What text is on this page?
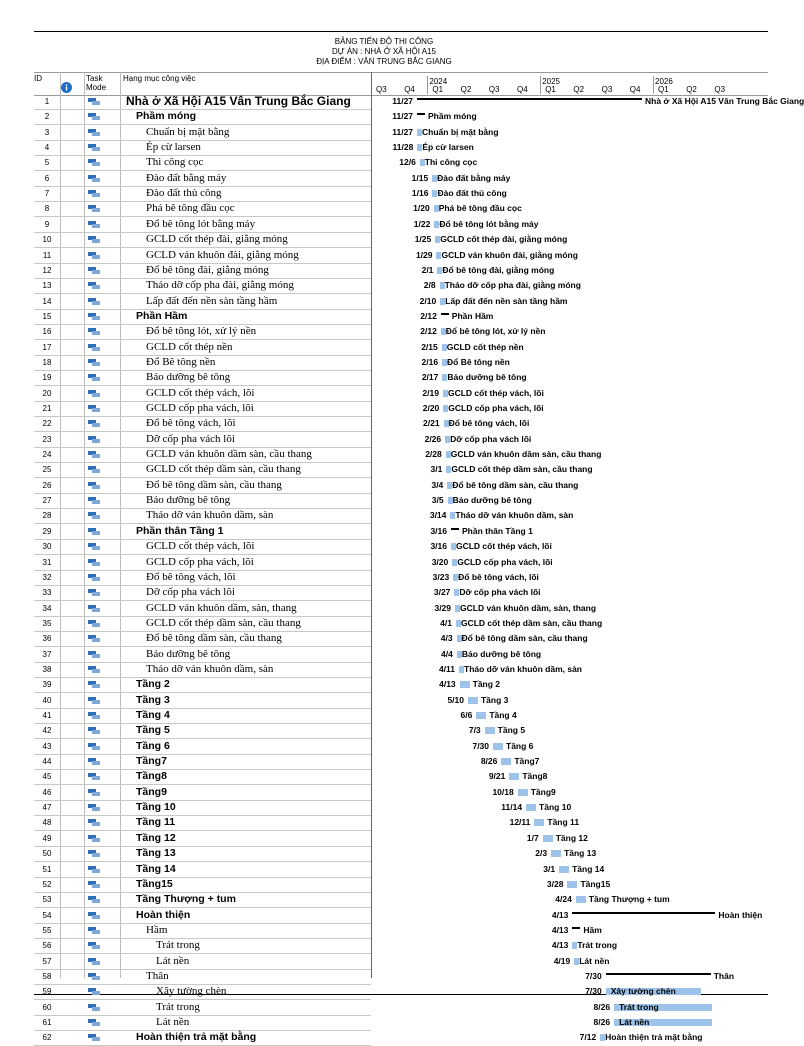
BẢNG TIẾN ĐỘ THI CÔNG
DỰ ÁN : NHÀ Ở XÃ HỘI A15
ĐỊA ĐIỂM : VÂN TRUNG BẮC GIANG
ID	Task Mode
Hạng mục công việc	2024	2025	2026
Q3 Q4 Q1 Q2 Q3 Q4 Q1 Q2 Q3 Q4 Q1 Q2 Q3
1	Nhà ở Xã Hội A15 Vân Trung Bắc Giang
2	Phầm móng
3	Chuẩn bị mặt bằng
4	Ép cừ larsen
5	Thi công cọc
6	Đào đất bằng máy
7	Đào đất thủ công
8	Phá bê tông đầu cọc
9	Đổ bê tông lót bằng máy
10	GCLD cốt thép đài, giằng móng
11	GCLD ván khuôn đài, giằng móng
12	Đổ bê tông đài, giằng móng
13	Tháo dỡ cốp pha đài, giằng móng
14	Lấp đất đến nền sàn tầng hầm
15	Phần Hầm
16	Đổ bê tông lót, xử lý nền
17	GCLD cốt thép nền
18	Đổ Bê tông nền
19	Bảo dưỡng bê tông
20	GCLD cốt thép vách, lõi
21	GCLD cốp pha vách, lõi
22	Đổ bê tông vách, lõi
23	Dỡ cốp pha vách lõi
24	GCLD ván khuôn dầm sàn, cầu thang
25	GCLD cốt thép dầm sàn, cầu thang
26	Đổ bê tông dầm sàn, cầu thang
27	Bảo dưỡng bê tông
28	Tháo dỡ ván khuôn dầm, sàn
29	Phần thân Tầng 1
30	GCLD cốt thép vách, lõi
31	GCLD cốp pha vách, lõi
32	Đổ bê tông vách, lõi
33	Dỡ cốp pha vách lõi
34	GCLD ván khuôn dầm, sàn, thang
35	GCLD cốt thép dầm sàn, cầu thang
36	Đổ bê tông dầm sàn, cầu thang
37	Bảo dưỡng bê tông
38	Tháo dỡ ván khuôn dầm, sàn
39	Tầng 2
40	Tầng 3
41	Tầng 4
42	Tầng 5
43	Tầng 6
44	Tầng7
45	Tầng8
46	Tầng9
47	Tầng 10
48	Tầng 11
49	Tầng 12
50	Tầng 13
51	Tầng 14
52	Tầng15
53	Tầng Thượng + tum
54	Hoàn thiện
55	Hầm
56	Trát trong
57	Lát nền
58	Thân
59	Xây tường chèn
60	Trát trong
61	Lát nền
62	Hoàn thiện trả mặt bằng
11/27	Nhà ở Xã Hội A15 Vân Trung Bắc Giang
11/27 Phầm móng
11/27 Chuẩn bị mặt bằng
11/28 Ép cừ larsen
12/6 Thi công cọc
1/15 Đào đất bằng máy
1/16 Đào đất thủ công
1/20 Phá bê tông đầu cọc
1/22 Đổ bê tông lót bằng máy
1/25 GCLD cốt thép đài, giằng móng
1/29 GCLD ván khuôn đài, giằng móng
2/1 Đổ bê tông đài, giằng móng
2/8 Tháo dỡ cốp pha đài, giằng móng
2/10 Lấp đất đến nền sàn tầng hầm
2/12 Phần Hầm
2/12 Đổ bê tông lót, xử lý nền
2/15 GCLD cốt thép nền
2/16 Đổ Bê tông nền
2/17 Bảo dưỡng bê tông
2/19 GCLD cốt thép vách, lõi
2/20 GCLD cốp pha vách, lõi
2/21 Đổ bê tông vách, lõi
2/26 Dỡ cốp pha vách lõi
2/28 GCLD ván khuôn dầm sàn, cầu thang
3/1 GCLD cốt thép dầm sàn, cầu thang
3/4 Đổ bê tông dầm sàn, cầu thang
3/5 Bảo dưỡng bê tông
3/14 Tháo dỡ ván khuôn dầm, sàn
3/16 Phần thân Tầng 1
3/16 GCLD cốt thép vách, lõi
3/20 GCLD cốp pha vách, lõi
3/23 Đổ bê tông vách, lõi
3/27 Dỡ cốp pha vách lõi
3/29 GCLD ván khuôn dầm, sàn, thang
4/1 GCLD cốt thép dầm sàn, cầu thang
4/3 Đổ bê tông dầm sàn, cầu thang
4/4 Bảo dưỡng bê tông
4/11 Tháo dỡ ván khuôn dầm, sàn
4/13 Tầng 2
5/10 Tầng 3
6/6 Tầng 4
7/3 Tầng 5
7/30 Tầng 6
8/26 Tầng7
9/21 Tầng8
10/18 Tầng9
11/14 Tầng 10
12/11 Tầng 11
1/7 Tầng 12
2/3 Tầng 13
3/1 Tầng 14
3/28 Tầng15
4/24 Tầng Thượng + tum
4/13	Hoàn thiện
4/13 Hầm
4/13 Trát trong
4/19 Lát nền
7/30	Thân
7/30 Xây tường chèn
8/26 Trát trong
8/26 Lát nền
7/12 Hoàn thiện trả mặt bằng
